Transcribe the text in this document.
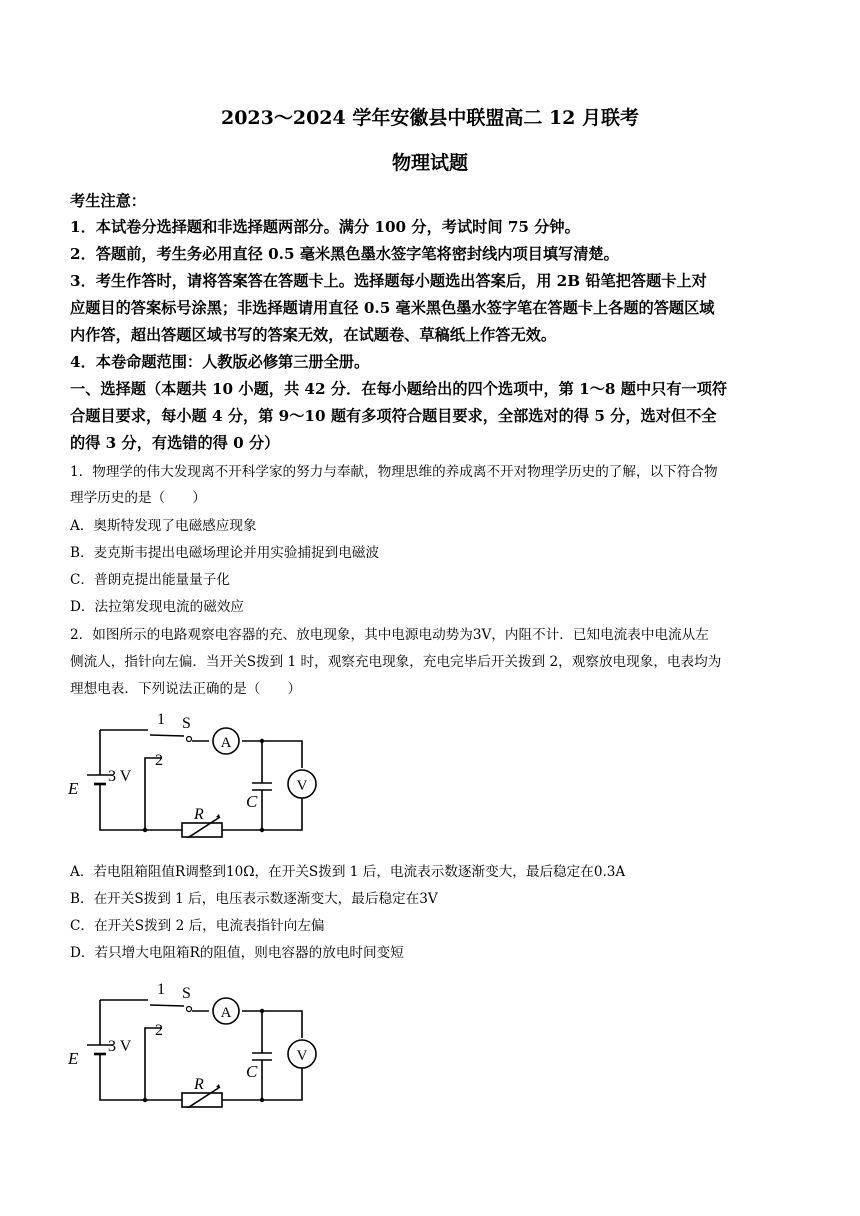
2023～2024 学年安徽县中联盟高二 12 月联考
物理试题
考生注意：
1．本试卷分选择题和非选择题两部分。满分 100 分，考试时间 75 分钟。
2．答题前，考生务必用直径 0.5 毫米黑色墨水签字笔将密封线内项目填写清楚。
3．考生作答时，请将答案答在答题卡上。选择题每小题选出答案后，用 2B 铅笔把答题卡上对
应题目的答案标号涂黑；非选择题请用直径 0.5 毫米黑色墨水签字笔在答题卡上各题的答题区域
内作答，超出答题区域书写的答案无效，在试题卷、草稿纸上作答无效。
4．本卷命题范围：人教版必修第三册全册。
一、选择题（本题共 10 小题，共 42 分．在每小题给出的四个选项中，第 1～8 题中只有一项符
合题目要求，每小题 4 分，第 9～10 题有多项符合题目要求，全部选对的得 5 分，选对但不全
的得 3 分，有选错的得 0 分）
1．物理学的伟大发现离不开科学家的努力与奉献，物理思维的养成离不开对物理学历史的了解，以下符合物
理学历史的是（　　）
A．奥斯特发现了电磁感应现象
B．麦克斯韦提出电磁场理论并用实验捕捉到电磁波
C．普朗克提出能量量子化
D．法拉第发现电流的磁效应
2．如图所示的电路观察电容器的充、放电现象，其中电源电动势为3V，内阻不计．已知电流表中电流从左
侧流人，指针向左偏．当开关S拨到 1 时，观察充电现象，充电完毕后开关拨到 2，观察放电现象，电表均为
理想电表．下列说法正确的是（　　）
1
2
S
A
V
3 V
E
C
R
A．若电阻箱阻值R调整到10Ω，在开关S拨到 1 后，电流表示数逐渐变大，最后稳定在0.3A
B．在开关S拨到 1 后，电压表示数逐渐变大，最后稳定在3V
C．在开关S拨到 2 后，电流表指针向左偏
D．若只增大电阻箱R的阻值，则电容器的放电时间变短
1
2
S
A
V
3 V
E
C
R
